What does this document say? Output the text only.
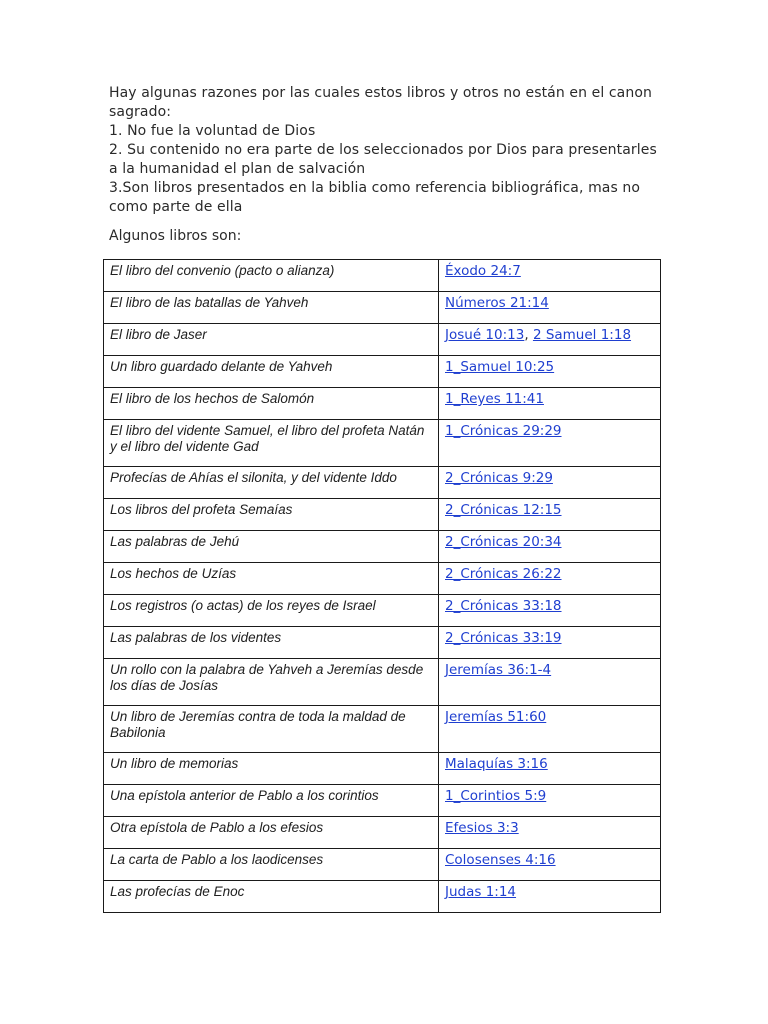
Hay algunas razones por las cuales estos libros y otros no están en el canon sagrado:

1. No fue la voluntad de Dios

2. Su contenido no era parte de los seleccionados por Dios para presentarles a la humanidad el plan de salvación

3.Son libros presentados en la biblia como referencia bibliográfica, mas no como parte de ella

Algunos libros son:
El libro del convenio (pacto o alianza)	Éxodo 24:7
El libro de las batallas de Yahveh	Números 21:14
El libro de Jaser	Josué 10:13, 2 Samuel 1:18
Un libro guardado delante de Yahveh	1_Samuel 10:25
El libro de los hechos de Salomón	1_Reyes 11:41
El libro del vidente Samuel, el libro del profeta Natán y el libro del vidente Gad	1_Crónicas 29:29
Profecías de Ahías el silonita, y del vidente Iddo	2_Crónicas 9:29
Los libros del profeta Semaías	2_Crónicas 12:15
Las palabras de Jehú	2_Crónicas 20:34
Los hechos de Uzías	2_Crónicas 26:22
Los registros (o actas) de los reyes de Israel	2_Crónicas 33:18
Las palabras de los videntes	2_Crónicas 33:19
Un rollo con la palabra de Yahveh a Jeremías desde los días de Josías	Jeremías 36:1-4
Un libro de Jeremías contra de toda la maldad de Babilonia	Jeremías 51:60
Un libro de memorias	Malaquías 3:16
Una epístola anterior de Pablo a los corintios	1_Corintios 5:9
Otra epístola de Pablo a los efesios	Efesios 3:3
La carta de Pablo a los laodicenses	Colosenses 4:16
Las profecías de Enoc	Judas 1:14
